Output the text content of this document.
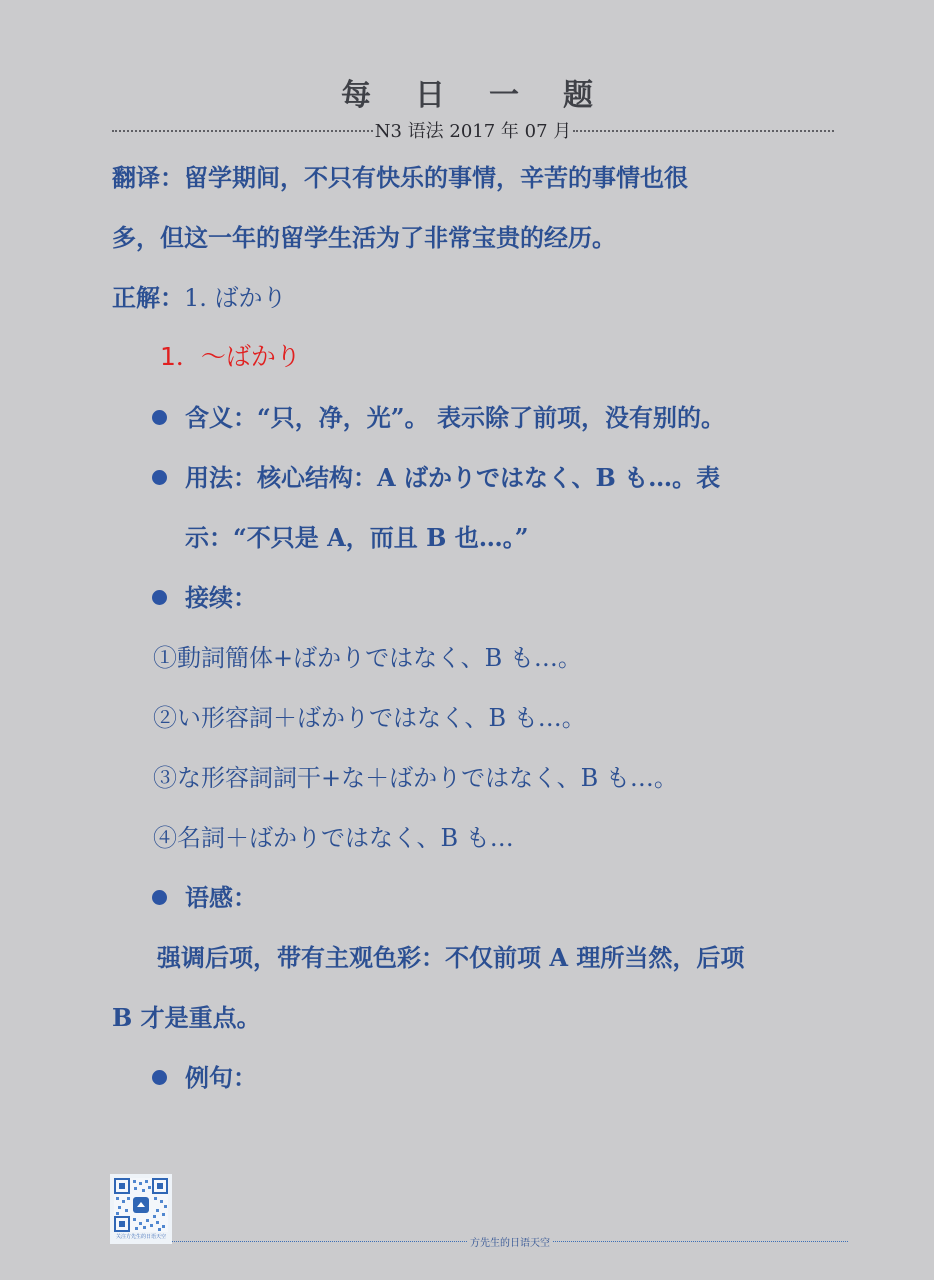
每日一题
N3 语法 2017 年 07 月
翻译：留学期间，不只有快乐的事情，辛苦的事情也很
多，但这一年的留学生活为了非常宝贵的经历。
正解：1. ばかり
1．～ばかり
含义：“只，净，光”。 表示除了前项，没有别的。
用法：核心结构：A ばかりではなく、B も…。表
示：“不只是 A，而且 B 也…。”
接续：
①動詞簡体+ばかりではなく、B も…。
②い形容詞＋ばかりではなく、B も…。
③な形容詞詞干+な＋ばかりではなく、B も…。
④名詞＋ばかりではなく、B も…
语感：
强调后项，带有主观色彩：不仅前项 A 理所当然，后项
B 才是重点。
例句：
关注方先生的日语天空
方先生的日语天空
